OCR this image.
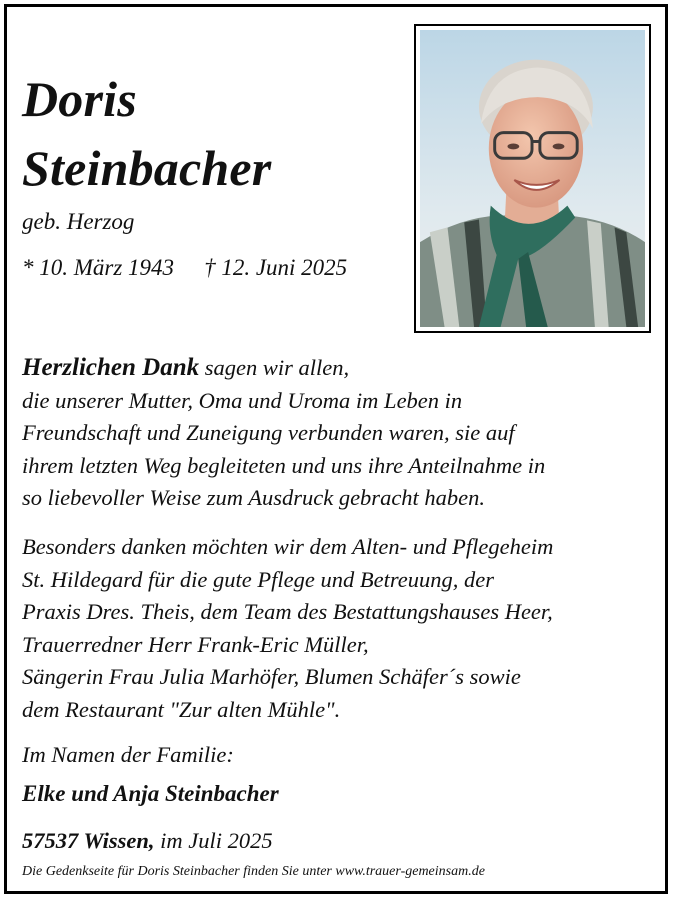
Doris
Steinbacher
geb. Herzog
* 10. März 1943 † 12. Juni 2025

Herzlichen Dank sagen wir allen,
die unserer Mutter, Oma und Uroma im Leben in
Freundschaft und Zuneigung verbunden waren, sie auf
ihrem letzten Weg begleiteten und uns ihre Anteilnahme in
so liebevoller Weise zum Ausdruck gebracht haben.

Besonders danken möchten wir dem Alten- und Pflegeheim
St. Hildegard für die gute Pflege und Betreuung, der
Praxis Dres. Theis, dem Team des Bestattungshauses Heer,
Trauerredner Herr Frank-Eric Müller,
Sängerin Frau Julia Marhöfer, Blumen Schäfer´s sowie
dem Restaurant "Zur alten Mühle".

Im Namen der Familie:
Elke und Anja Steinbacher
57537 Wissen, im Juli 2025
Die Gedenkseite für Doris Steinbacher finden Sie unter www.trauer-gemeinsam.de
